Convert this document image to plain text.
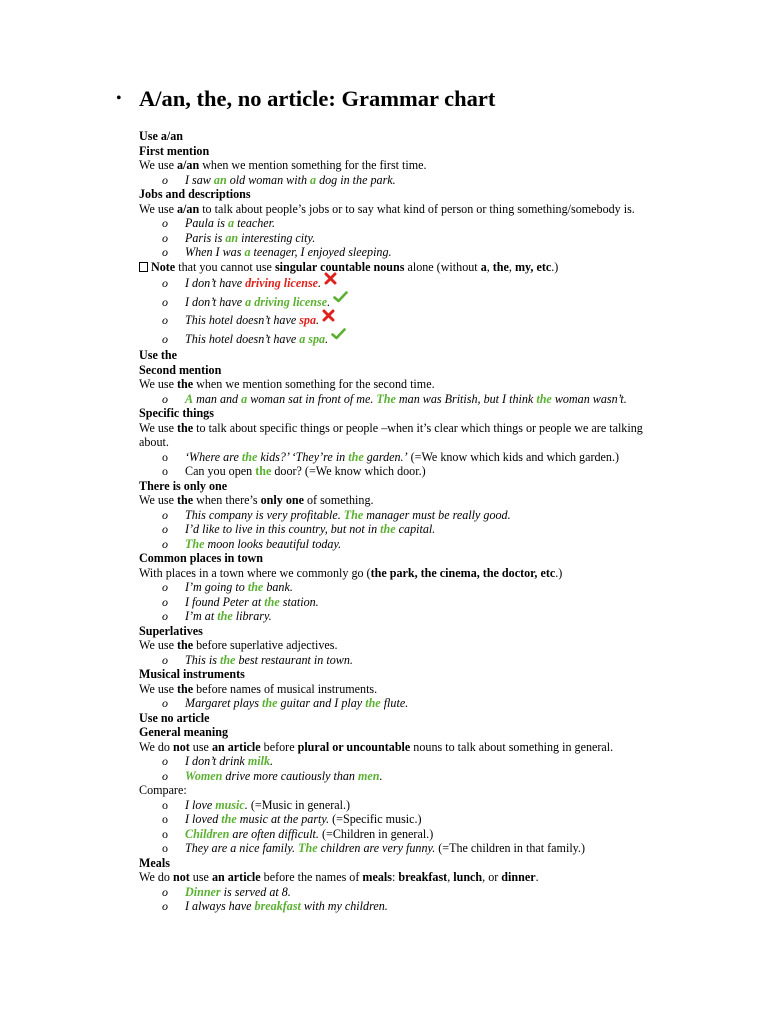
• A/an, the, no article: Grammar chart
Use a/an
First mention
We use a/an when we mention something for the first time.
o I saw an old woman with a dog in the park.
Jobs and descriptions
We use a/an to talk about people’s jobs or to say what kind of person or thing something/somebody is.
o Paula is a teacher.
o Paris is an interesting city.
o When I was a teenager, I enjoyed sleeping.
Note that you cannot use singular countable nouns alone (without a, the, my, etc.)
o I don’t have driving license.
o I don’t have a driving license.
o This hotel doesn’t have spa.
o This hotel doesn’t have a spa.
Use the
Second mention
We use the when we mention something for the second time.
o A man and a woman sat in front of me. The man was British, but I think the woman wasn’t.
Specific things
We use the to talk about specific things or people –when it’s clear which things or people we are talking about.
o ‘Where are the kids?’ ‘They’re in the garden.’ (=We know which kids and which garden.)
o Can you open the door? (=We know which door.)
There is only one
We use the when there’s only one of something.
o This company is very profitable. The manager must be really good.
o I’d like to live in this country, but not in the capital.
o The moon looks beautiful today.
Common places in town
With places in a town where we commonly go (the park, the cinema, the doctor, etc.)
o I’m going to the bank.
o I found Peter at the station.
o I’m at the library.
Superlatives
We use the before superlative adjectives.
o This is the best restaurant in town.
Musical instruments
We use the before names of musical instruments.
o Margaret plays the guitar and I play the flute.
Use no article
General meaning
We do not use an article before plural or uncountable nouns to talk about something in general.
o I don’t drink milk.
o Women drive more cautiously than men.
Compare:
o I love music. (=Music in general.)
o I loved the music at the party. (=Specific music.)
o Children are often difficult. (=Children in general.)
o They are a nice family. The children are very funny. (=The children in that family.)
Meals
We do not use an article before the names of meals: breakfast, lunch, or dinner.
o Dinner is served at 8.
o I always have breakfast with my children.
